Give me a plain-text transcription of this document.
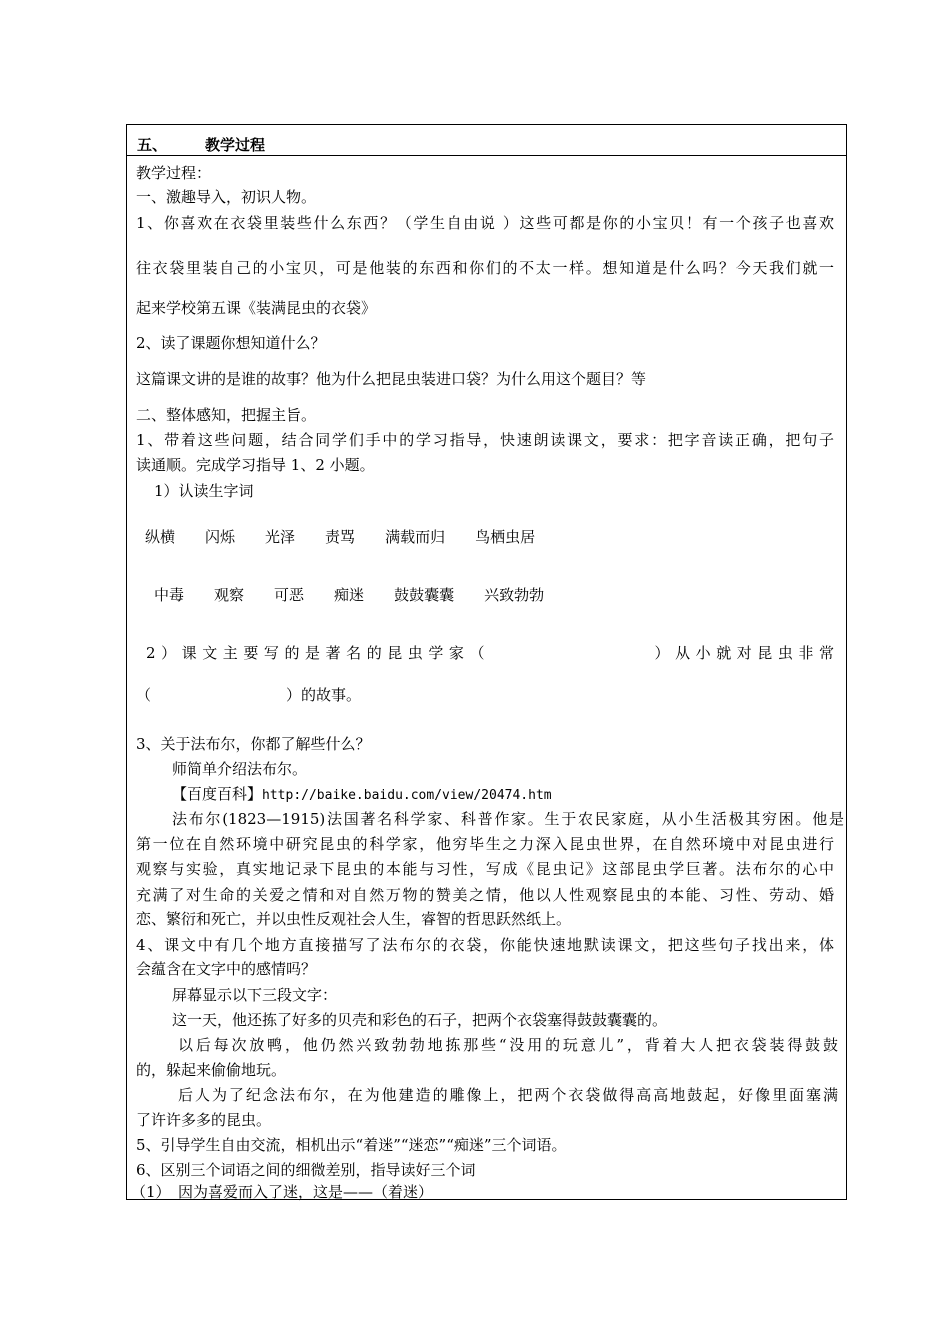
五、	教学过程
教学过程：
一、激趣导入，初识人物。
1、你喜欢在衣袋里装些什么东西？（学生自由说 ）这些可都是你的小宝贝！有一个孩子也喜欢
往衣袋里装自己的小宝贝，可是他装的东西和你们的不太一样。想知道是什么吗？今天我们就一
起来学校第五课《装满昆虫的衣袋》
2、读了课题你想知道什么？
这篇课文讲的是谁的故事？他为什么把昆虫装进口袋？为什么用这个题目？等
二、整体感知，把握主旨。
1、带着这些问题，结合同学们手中的学习指导，快速朗读课文，要求：把字音读正确，把句子
读通顺。完成学习指导 1、2 小题。
1）认读生字词
纵横 闪烁 光泽 责骂 满载而归 鸟栖虫居
中毒 观察 可恶 痴迷 鼓鼓囊囊 兴致勃勃
2）课文主要写的是著名的昆虫学家（　　　　　　　　）从小就对昆虫非常
（　　　　　　　　　）的故事。
3、关于法布尔，你都了解些什么？
师简单介绍法布尔。
【百度百科】http://baike.baidu.com/view/20474.htm
法布尔(1823—1915)法国著名科学家、科普作家。生于农民家庭，从小生活极其穷困。他是
第一位在自然环境中研究昆虫的科学家，他穷毕生之力深入昆虫世界，在自然环境中对昆虫进行
观察与实验，真实地记录下昆虫的本能与习性，写成《昆虫记》这部昆虫学巨著。法布尔的心中
充满了对生命的关爱之情和对自然万物的赞美之情，他以人性观察昆虫的本能、习性、劳动、婚
恋、繁衍和死亡，并以虫性反观社会人生，睿智的哲思跃然纸上。
4、课文中有几个地方直接描写了法布尔的衣袋，你能快速地默读课文，把这些句子找出来，体
会蕴含在文字中的感情吗？
屏幕显示以下三段文字：
这一天，他还拣了好多的贝壳和彩色的石子，把两个衣袋塞得鼓鼓囊囊的。
以后每次放鸭，他仍然兴致勃勃地拣那些“没用的玩意儿”，背着大人把衣袋装得鼓鼓
的，躲起来偷偷地玩。
后人为了纪念法布尔，在为他建造的雕像上，把两个衣袋做得高高地鼓起，好像里面塞满
了许许多多的昆虫。
5、引导学生自由交流，相机出示“着迷”“迷恋”“痴迷”三个词语。
6、区别三个词语之间的细微差别，指导读好三个词
（1）　因为喜爱而入了迷，这是——（着迷）
